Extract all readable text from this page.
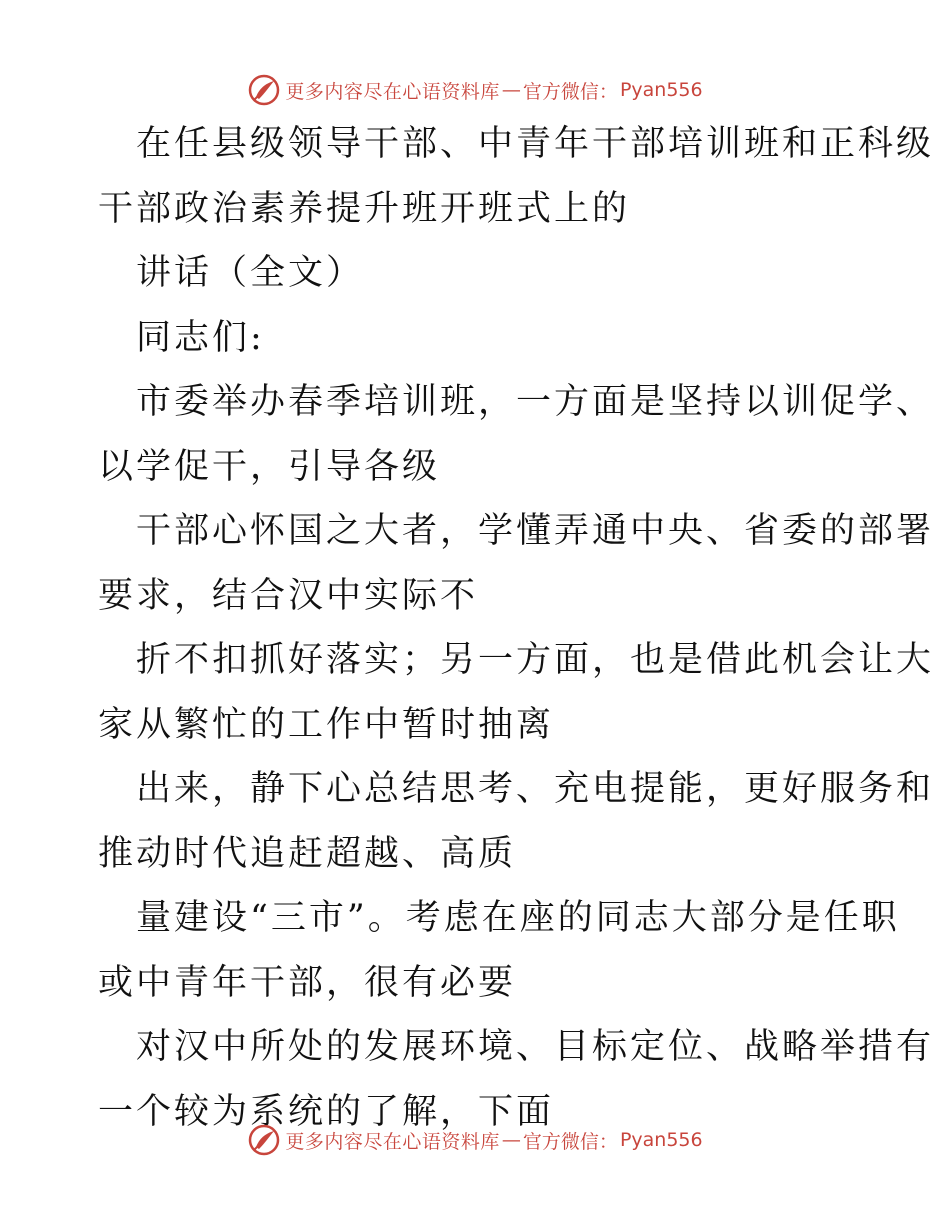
更多内容尽在心语资料库 — 官方微信： Pyan556
在任县级领导干部、中青年干部培训班和正科级
干部政治素养提升班开班式上的
讲话（全文）
同志们:
市委举办春季培训班，一方面是坚持以训促学、
以学促干，引导各级
干部心怀国之大者，学懂弄通中央、省委的部署
要求，结合汉中实际不
折不扣抓好落实；另一方面，也是借此机会让大
家从繁忙的工作中暂时抽离
出来，静下心总结思考、充电提能，更好服务和
推动时代追赶超越、高质
量建设“三市”。考虑在座的同志大部分是任职
或中青年干部，很有必要
对汉中所处的发展环境、目标定位、战略举措有
一个较为系统的了解，下面
更多内容尽在心语资料库 — 官方微信： Pyan556
